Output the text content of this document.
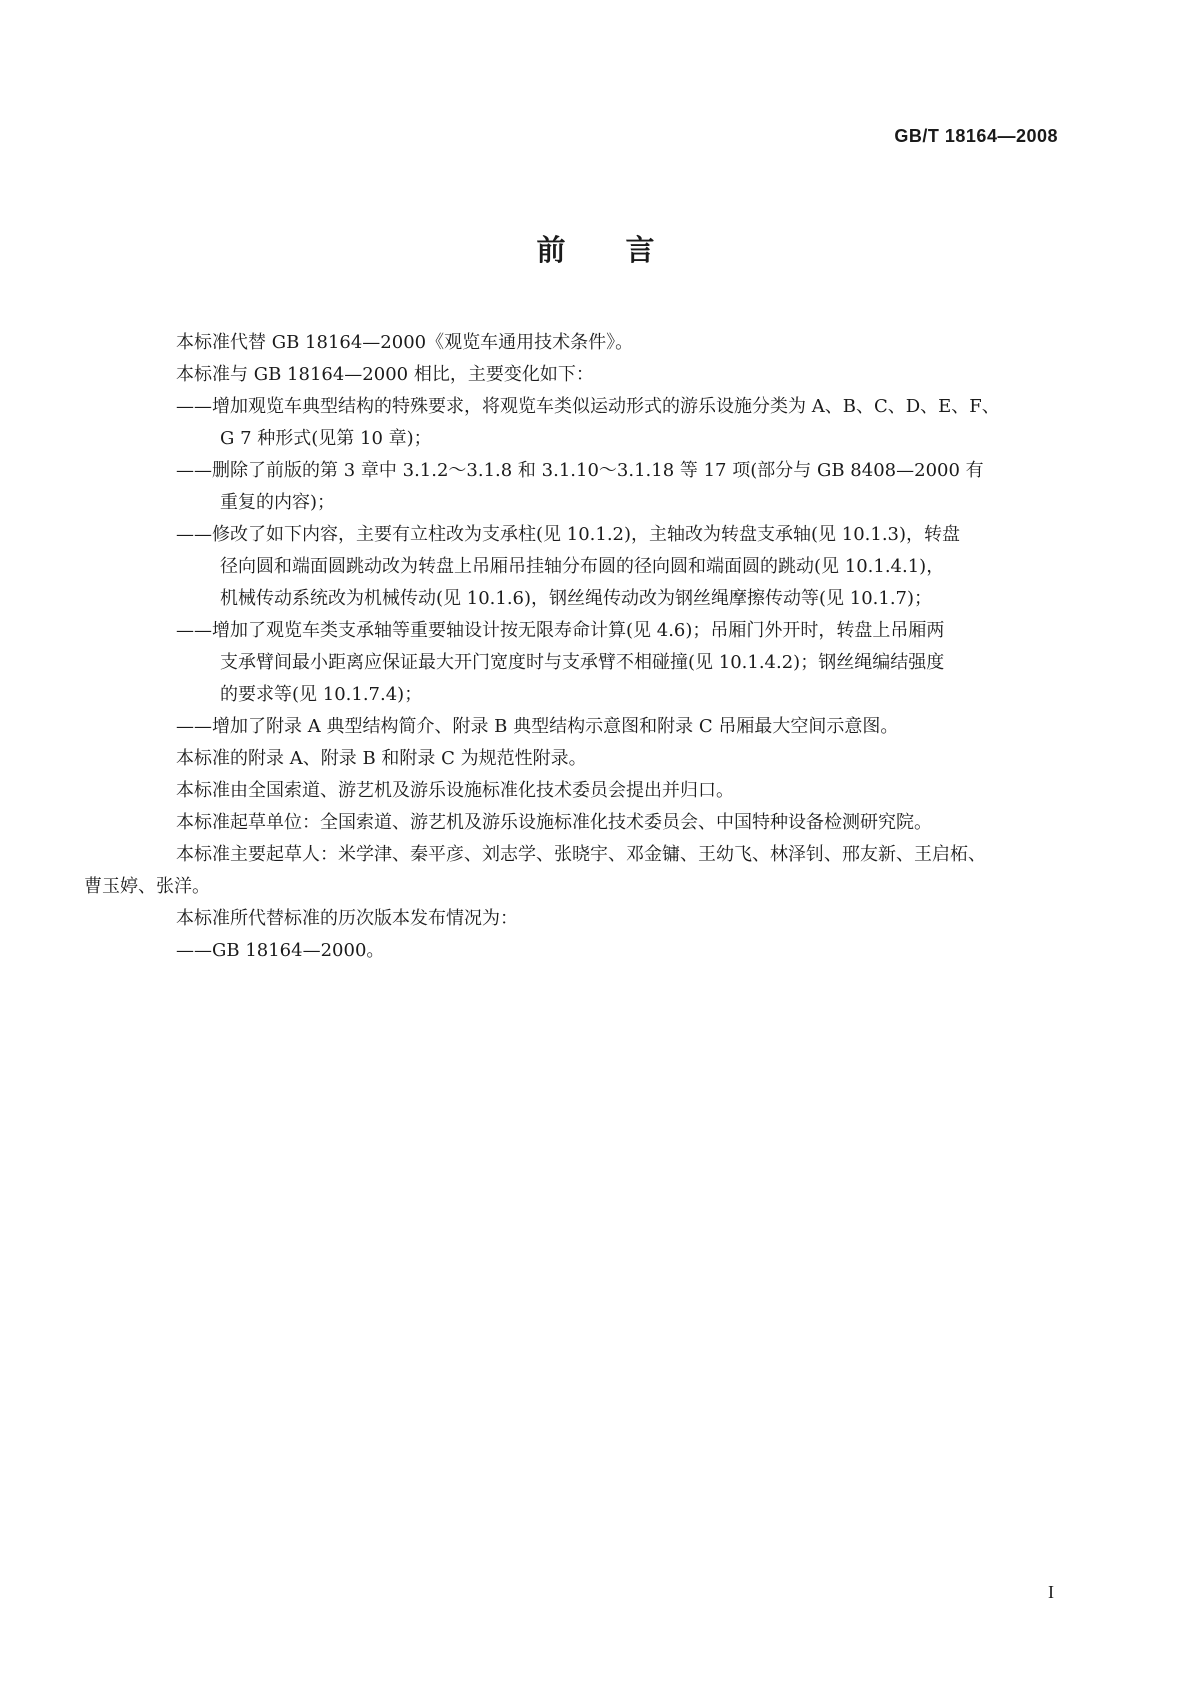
GB/T 18164—2008
前言

本标准代替 GB 18164—2000《观览车通用技术条件》。

本标准与 GB 18164—2000 相比，主要变化如下：

——增加观览车典型结构的特殊要求，将观览车类似运动形式的游乐设施分类为 A、B、C、D、E、F、
G 7 种形式(见第 10 章)；

——删除了前版的第 3 章中 3.1.2～3.1.8 和 3.1.10～3.1.18 等 17 项(部分与 GB 8408—2000 有
重复的内容)；

——修改了如下内容，主要有立柱改为支承柱(见 10.1.2)，主轴改为转盘支承轴(见 10.1.3)，转盘
径向圆和端面圆跳动改为转盘上吊厢吊挂轴分布圆的径向圆和端面圆的跳动(见 10.1.4.1)，
机械传动系统改为机械传动(见 10.1.6)，钢丝绳传动改为钢丝绳摩擦传动等(见 10.1.7)；

——增加了观览车类支承轴等重要轴设计按无限寿命计算(见 4.6)；吊厢门外开时，转盘上吊厢两
支承臂间最小距离应保证最大开门宽度时与支承臂不相碰撞(见 10.1.4.2)；钢丝绳编结强度
的要求等(见 10.1.7.4)；

——增加了附录 A 典型结构简介、附录 B 典型结构示意图和附录 C 吊厢最大空间示意图。

本标准的附录 A、附录 B 和附录 C 为规范性附录。

本标准由全国索道、游艺机及游乐设施标准化技术委员会提出并归口。

本标准起草单位：全国索道、游艺机及游乐设施标准化技术委员会、中国特种设备检测研究院。

本标准主要起草人：米学津、秦平彦、刘志学、张晓宇、邓金镛、王幼飞、林泽钊、邢友新、王启柘、
曹玉婷、张洋。

本标准所代替标准的历次版本发布情况为：

——GB 18164—2000。

I
